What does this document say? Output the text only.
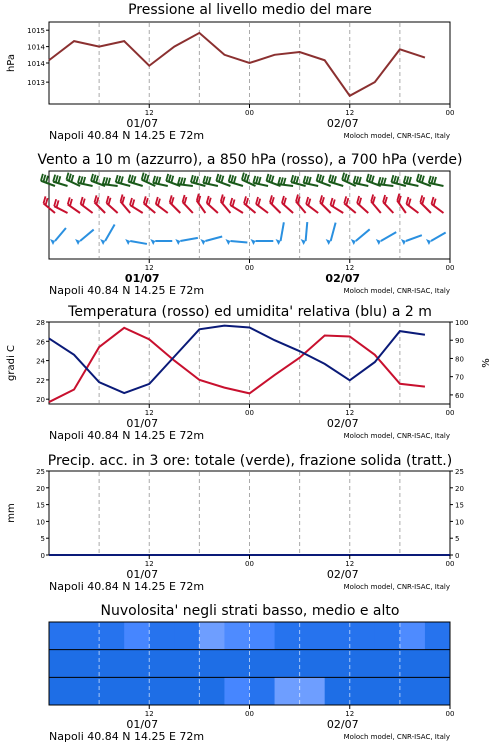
Pressione al livello medio del mare
1015
1014
1014
1013
hPa
12	00	12	00
01/07	02/07
Napoli 40.84 N 14.25 E 72m	Moloch model, CNR-ISAC, Italy
Vento a 10 m (azzurro), a 850 hPa (rosso), a 700 hPa (verde)
12	00	12	00
01/07	02/07
Napoli 40.84 N 14.25 E 72m	Moloch model, CNR-ISAC, Italy
Temperatura (rosso) ed umidita' relativa (blu) a 2 m
20
22
24
26
28
60
70
80
90
100
gradi C	%
12	00	12	00
01/07	02/07
Napoli 40.84 N 14.25 E 72m	Moloch model, CNR-ISAC, Italy
Precip. acc. in 3 ore: totale (verde), frazione solida (tratt.)
0	0
5	5
10	10
15	15
20	20
25	25
mm
12	00	12	00
01/07	02/07
Napoli 40.84 N 14.25 E 72m	Moloch model, CNR-ISAC, Italy
Nuvolosita' negli strati basso, medio e alto
12	00	12	00
01/07	02/07
Napoli 40.84 N 14.25 E 72m	Moloch model, CNR-ISAC, Italy
